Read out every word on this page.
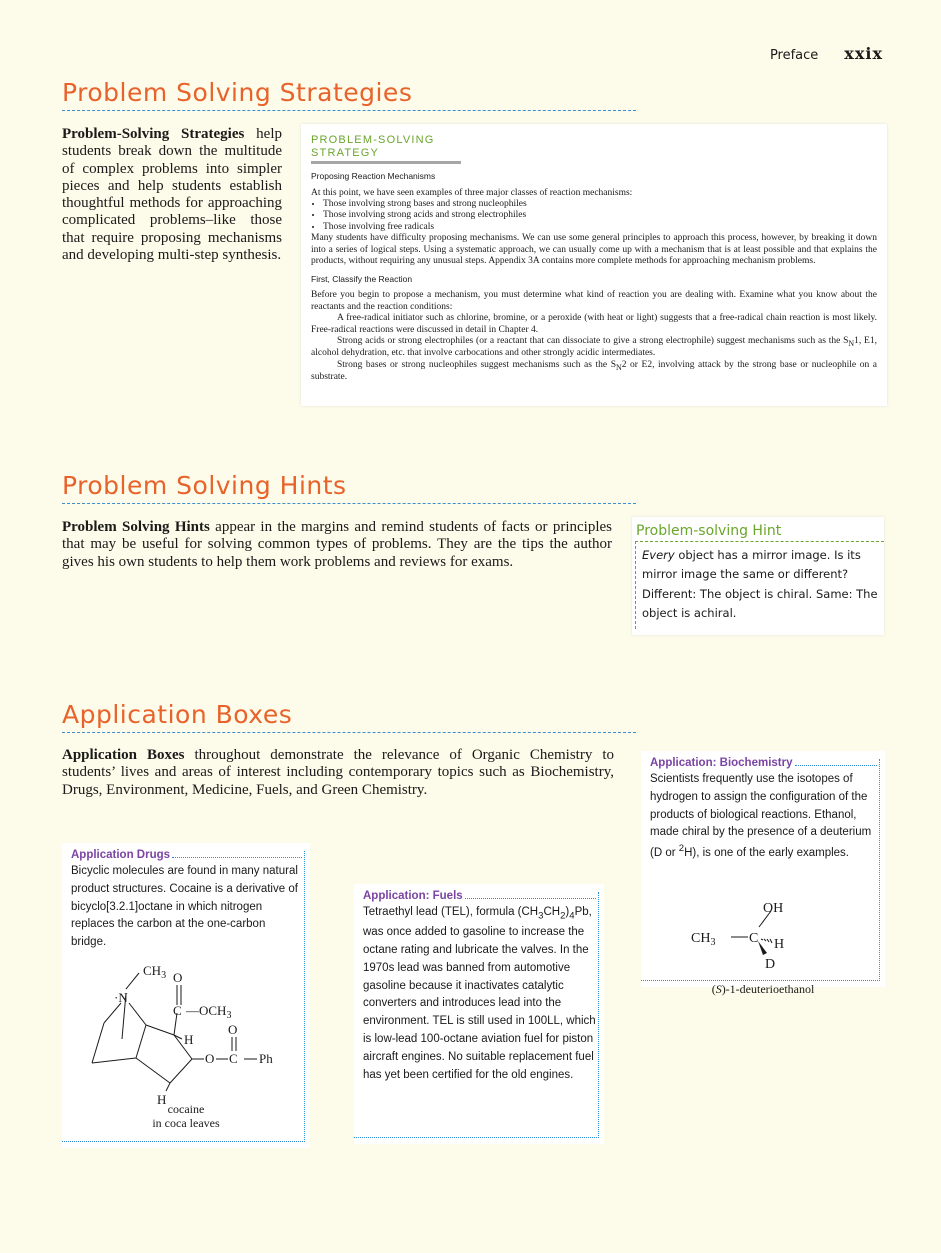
Preface xxix
Problem Solving Strategies
Problem-Solving Strategies help students break down the multitude of complex problems into simpler pieces and help students establish thoughtful methods for approaching complicated problems–like those that require proposing mechanisms and developing multi-step synthesis.
PROBLEM-SOLVING STRATEGY
Proposing Reaction Mechanisms

At this point, we have seen examples of three major classes of reaction mechanisms:

• Those involving strong bases and strong nucleophiles
• Those involving strong acids and strong electrophiles
• Those involving free radicals

Many students have difficulty proposing mechanisms. We can use some general principles to approach this process, however, by breaking it down into a series of logical steps. Using a systematic approach, we can usually come up with a mechanism that is at least possible and that explains the products, without requiring any unusual steps. Appendix 3A contains more complete methods for approaching mechanism problems.

First, Classify the Reaction

Before you begin to propose a mechanism, you must determine what kind of reaction you are dealing with. Examine what you know about the reactants and the reaction conditions:

A free-radical initiator such as chlorine, bromine, or a peroxide (with heat or light) suggests that a free-radical chain reaction is most likely. Free-radical reactions were discussed in detail in Chapter 4.

Strong acids or strong electrophiles (or a reactant that can dissociate to give a strong electrophile) suggest mechanisms such as the $S_N1$, E1, alcohol dehydration, etc. that involve carbocations and other strongly acidic intermediates.

Strong bases or strong nucleophiles suggest mechanisms such as the $S_N2$ or E2, involving attack by the strong base or nucleophile on a substrate.

Problem Solving Hints
Problem Solving Hints appear in the margins and remind students of facts or principles that may be useful for solving common types of problems. They are the tips the author gives his own students to help them work problems and reviews for exams.
Problem-solving Hint
Every object has a mirror image. Is its mirror image the same or different? Different: The object is chiral. Same: The object is achiral.
Application Boxes
Application Boxes throughout demonstrate the relevance of Organic Chemistry to students’ lives and areas of interest including contemporary topics such as Biochemistry, Drugs, Environment, Medicine, Fuels, and Green Chemistry.
Application Drugs
Bicyclic molecules are found in many natural product structures. Cocaine is a derivative of bicyclo[3.2.1]octane in which nitrogen replaces the carbon at the one-carbon bridge.
$CH_3$
·N
O
C $—OCH_3$
H
O
O C Ph
H
cocaine
in coca leaves
Application: Fuels
Tetraethyl lead (TEL), formula $(CH_3CH_2)_4Pb$, was once added to gasoline to increase the octane rating and lubricate the valves. In the 1970s lead was banned from automotive gasoline because it inactivates catalytic converters and introduces lead into the environment. TEL is still used in 100LL, which is low-lead 100-octane aviation fuel for piston aircraft engines. No suitable replacement fuel has yet been certified for the old engines.
Application: Biochemistry
Scientists frequently use the isotopes of hydrogen to assign the configuration of the products of biological reactions. Ethanol, made chiral by the presence of a deuterium (D or $^2$H), is one of the early examples.
OH
$CH_3$ C H
D
(S)-1-deuterioethanol
